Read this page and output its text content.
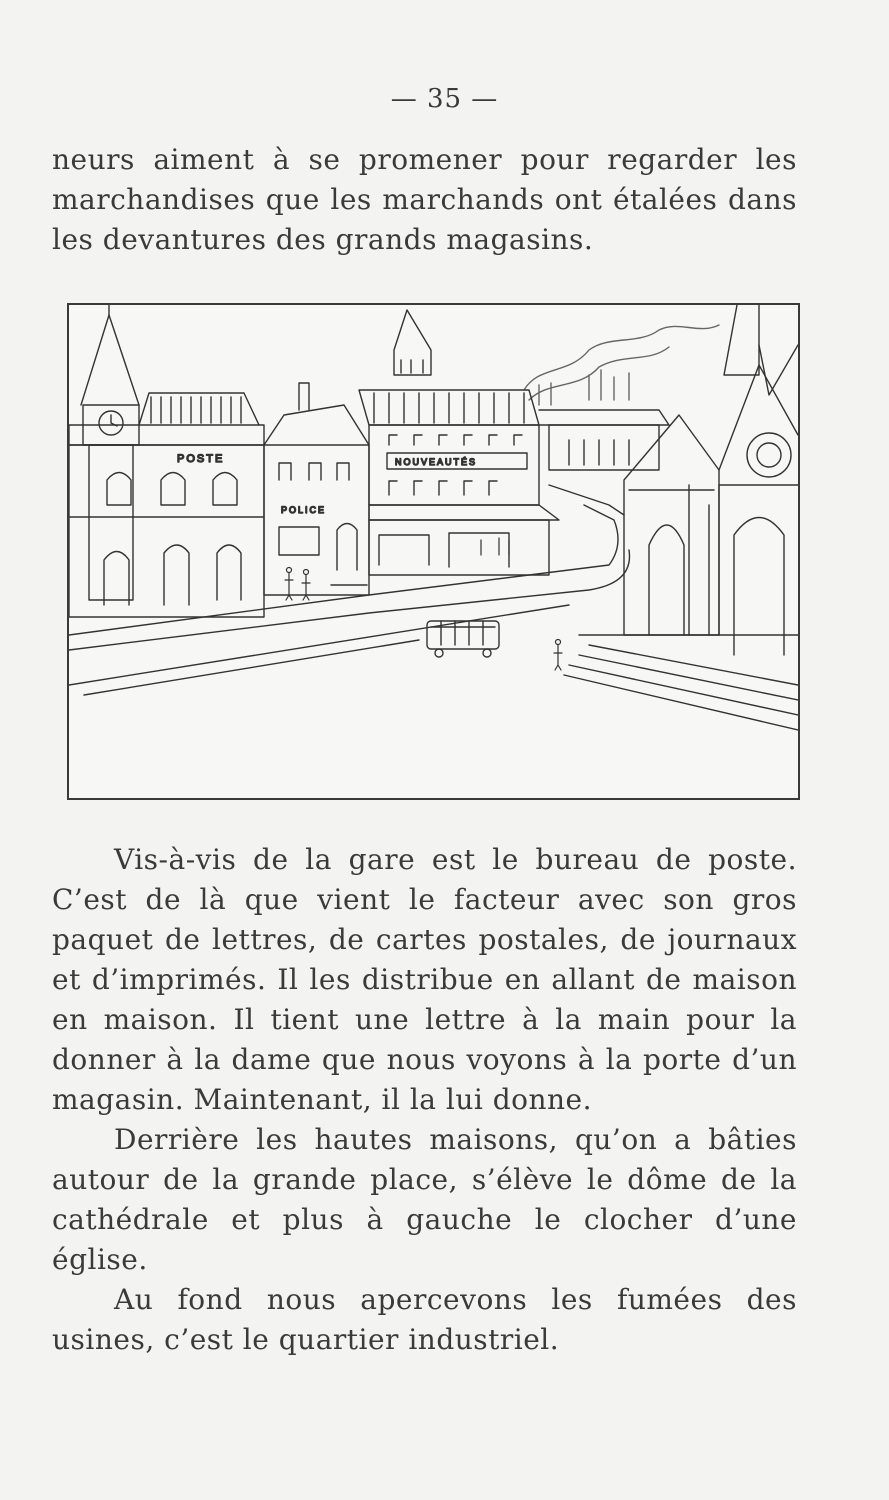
— 35 —

neurs aiment à se promener pour regarder les marchandises que les marchands ont étalées dans les devantures des grands magasins.

POSTE
POLICE
NOUVEAUTÉS

Vis-à-vis de la gare est le bureau de poste. C’est de là que vient le facteur avec son gros paquet de lettres, de cartes postales, de journaux et d’imprimés. Il les distribue en allant de maison en maison. Il tient une lettre à la main pour la donner à la dame que nous voyons à la porte d’un magasin. Maintenant, il la lui donne.

Derrière les hautes maisons, qu’on a bâties autour de la grande place, s’élève le dôme de la cathédrale et plus à gauche le clocher d’une église.

Au fond nous apercevons les fumées des usines, c’est le quartier industriel.
